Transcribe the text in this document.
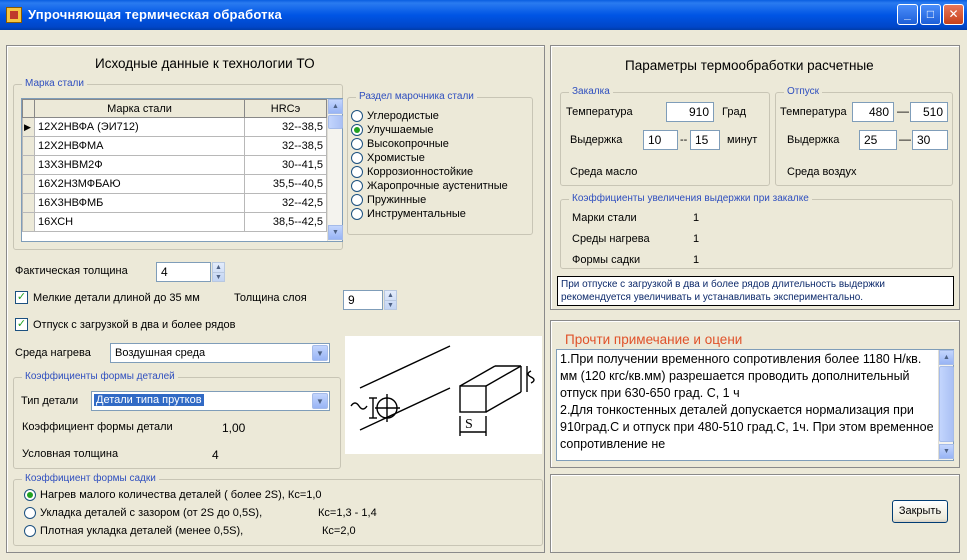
Упрочняющая термическая обработка	_	□	✕
Исходные данные к технологии ТО
Марка стали
	Марка стали	HRCэ
▶	12Х2НВФА (ЭИ712)	32--38,5
	12Х2НВФМА	32--38,5
	13Х3НВМ2Ф	30--41,5
	16Х2Н3МФБАЮ	35,5--40,5
	16Х3НВФМБ	32--42,5
	16ХСН	38,5--42,5
▲
▼
Раздел марочника стали
Углеродистые
Улучшаемые
Высокопрочные
Хромистые
Коррозионностойкие
Жаропрочные аустенитные
Пружинные
Инструментальные
Фактическая толщина	4	▲
▼
✓ Мелкие детали длиной до 35 мм	Толщина слоя	9	▲
▼
✓ Отпуск с загрузкой в два и более рядов
Среда нагрева Воздушная среда	▼
Коэффициенты формы деталей
Тип детали Детали типа прутков	▼
Коэффициент формы детали	1,00
Условная толщина	4
S
Коэффициент формы садки
Нагрев малого количества деталей ( более 2S), Кс=1,0
Укладка деталей с зазором (от 2S до 0,5S),	Кс=1,3 - 1,4
Плотная укладка деталей (менее 0,5S),	Кс=2,0
Параметры термообработки расчетные
Закалка
Температура	910	Град
Выдержка	10	-- 15	минут
Среда масло
Отпуск
Температура	480 —	510
Выдержка	25	— 30
Среда воздух
Коэффициенты увеличения выдержки при закалке
Марки стали	1
Среды нагрева	1
Формы садки	1
При отпуске с загрузкой в два и более рядов длительность выдержки рекомендуется увеличивать и устанавливать экспериментально.
Прочти примечание и оцени
1.При получении временного сопротивления более 1180 Н/кв. мм (120 кгс/кв.мм) разрешается проводить дополнительный отпуск при 630-650 град. С, 1 ч
2.Для тонкостенных деталей допускается нормализация при 910град.С и отпуск при 480-510 град.С, 1ч. При этом временное сопротивление не
▲
▼
Закрыть
